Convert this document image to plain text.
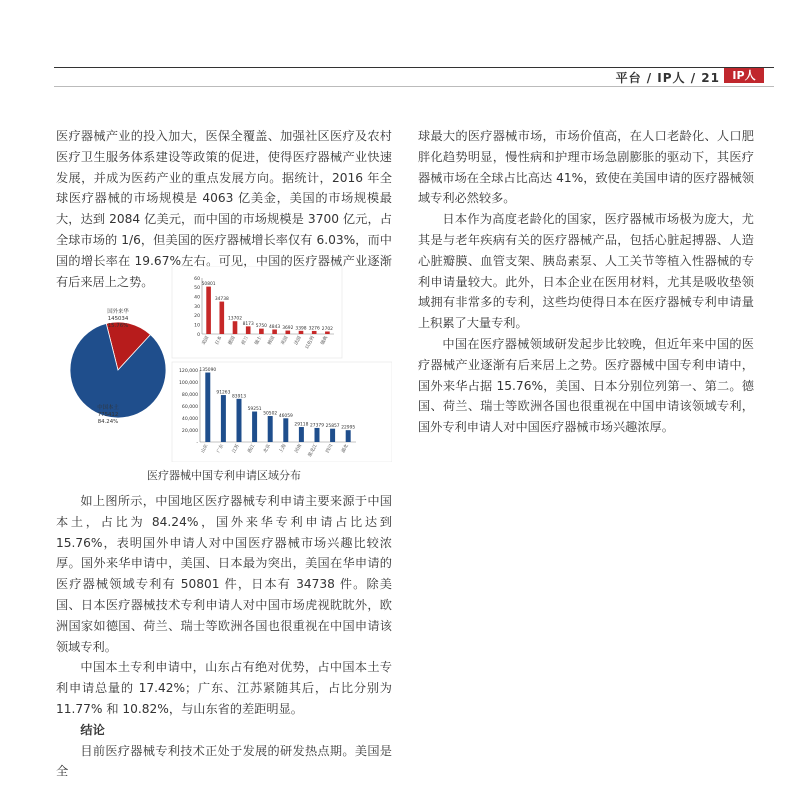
平台 / IP人 / 21	IP人

医疗器械产业的投入加大，医保全覆盖、加强社区医疗及农村医疗卫生服务体系建设等政策的促进，使得医疗器械产业快速发展，并成为医药产业的重点发展方向。据统计，2016 年全球医疗器械的市场规模是 4063 亿美金，美国的市场规模最大，达到 2084 亿美元，而中国的市场规模是 3700 亿元，占全球市场的 1/6，但美国的医疗器械增长率仅有 6.03%，而中国的增长率在 19.67%左右。可见，中国的医疗器械产业逐渐有后来居上之势。

国外来华
145034
15.76%
中国本土
775412
84.24%
0
10
20
30
40
50
60
50801
美国
34738
日本
13702
德国
8173
荷兰
5750
瑞士
4843
韩国
3692
英国
3398
法国
3276
以色列
2702
瑞典
-
20,000
40,000
60,000
80,000
100,000
120,000 135090
山东
91263
广东
83913
江苏
59251
浙江
50502
北京
46059
上海
29118
河南
27379
黑龙江
25857
四川
22995
湖北
医疗器械中国专利申请区域分布

如上图所示，中国地区医疗器械专利申请主要来源于中国本土，占比为 84.24%，国外来华专利申请占比达到 15.76%，表明国外申请人对中国医疗器械市场兴趣比较浓厚。国外来华申请中，美国、日本最为突出，美国在华申请的医疗器械领域专利有 50801 件，日本有 34738 件。除美国、日本医疗器械技术专利申请人对中国市场虎视眈眈外，欧洲国家如德国、荷兰、瑞士等欧洲各国也很重视在中国申请该领域专利。

中国本土专利申请中，山东占有绝对优势，占中国本土专利申请总量的 17.42%；广东、江苏紧随其后，占比分别为 11.77% 和 10.82%，与山东省的差距明显。

结论

目前医疗器械专利技术正处于发展的研发热点期。美国是全

球最大的医疗器械市场，市场价值高，在人口老龄化、人口肥胖化趋势明显，慢性病和护理市场急剧膨胀的驱动下，其医疗器械市场在全球占比高达 41%，致使在美国申请的医疗器械领域专利必然较多。

日本作为高度老龄化的国家，医疗器械市场极为庞大，尤其是与老年疾病有关的医疗器械产品，包括心脏起搏器、人造心脏瓣膜、血管支架、胰岛素泵、人工关节等植入性器械的专利申请量较大。此外，日本企业在医用材料，尤其是吸收垫领域拥有非常多的专利，这些均使得日本在医疗器械专利申请量上积累了大量专利。

中国在医疗器械领域研发起步比较晚，但近年来中国的医疗器械产业逐渐有后来居上之势。医疗器械中国专利申请中，国外来华占据 15.76%，美国、日本分别位列第一、第二。德国、荷兰、瑞士等欧洲各国也很重视在中国申请该领域专利，国外专利申请人对中国医疗器械市场兴趣浓厚。
